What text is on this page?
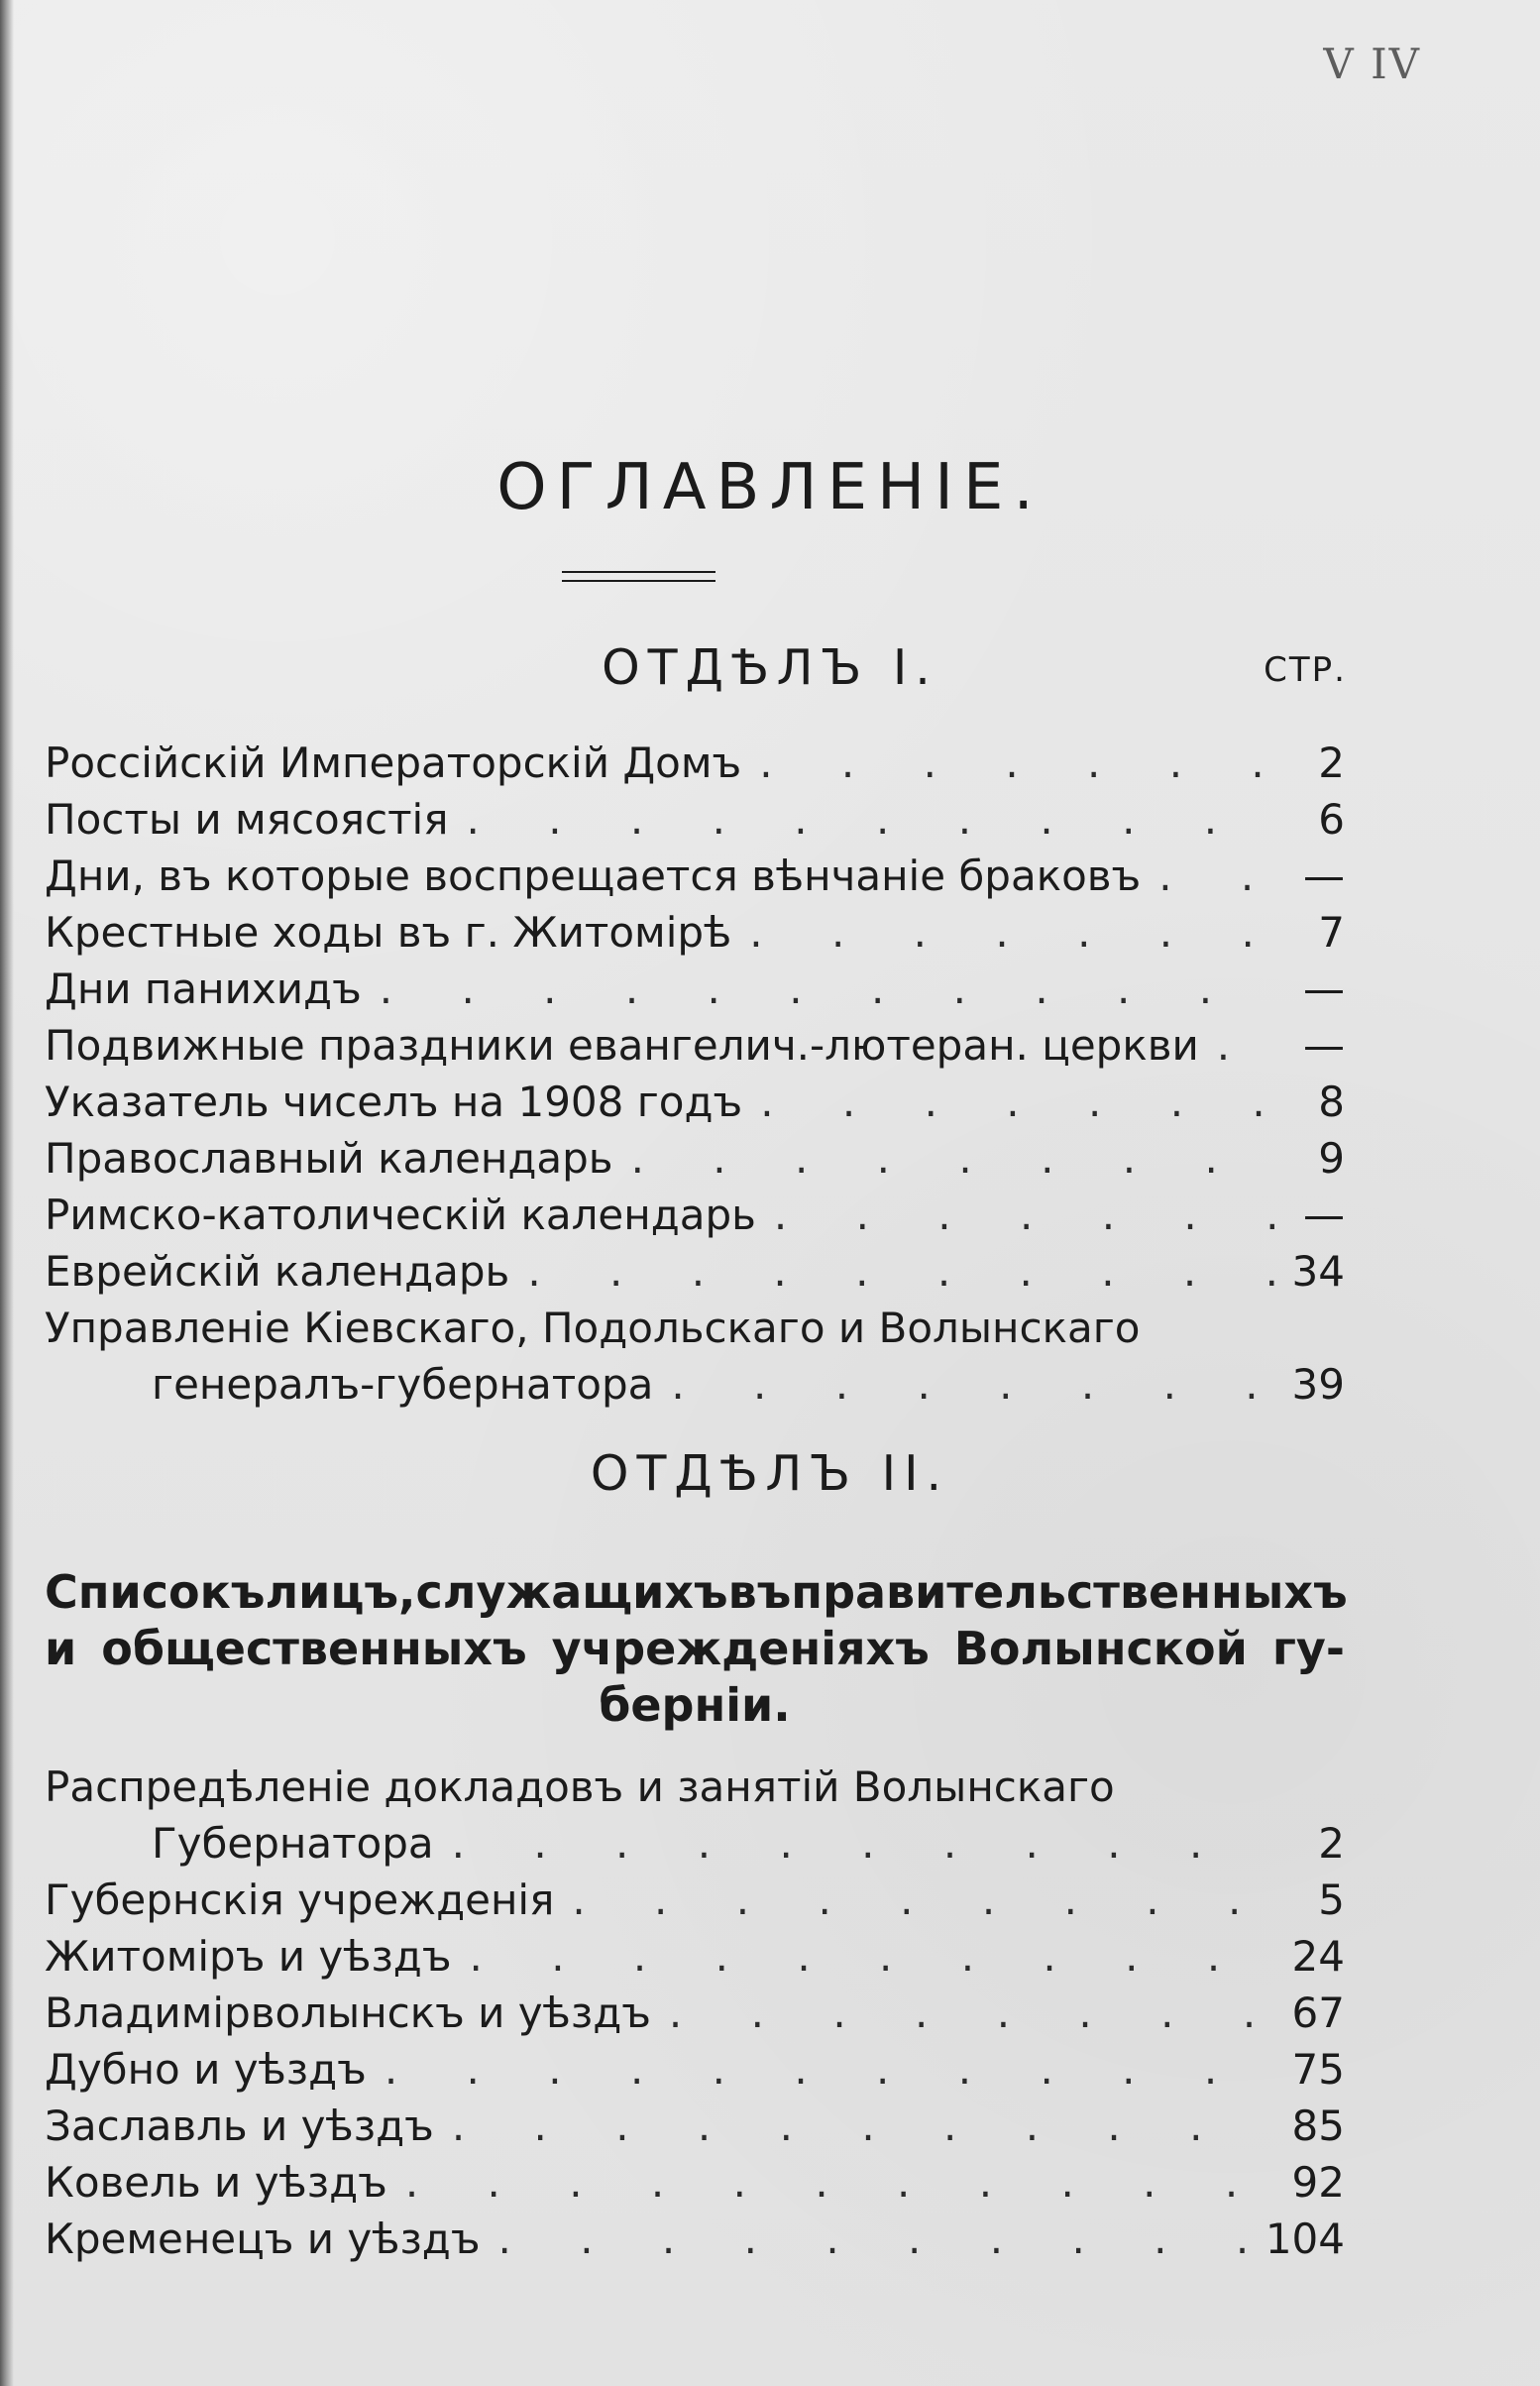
V IV
ОГЛАВЛЕНІЕ.
ОТДѢЛЪ I.	СТР.
Россійскій Императорскій Домъ . . .	2
Посты и мясоястія . . .	6
Дни, въ которые воспрещается вѣнчаніе браковъ . . .	—
Крестные ходы въ г. Житомірѣ . . .	7
Дни панихидъ . . .	—
Подвижные праздники евангелич.-лютеран. церкви . . .	—
Указатель чиселъ на 1908 годъ . . .	8
Православный календарь . . .	9
Римско-католическій календарь . . .	—
Еврейскій календарь . . .	34
Управленіе Кіевскаго, Подольскаго и Волынскаго
генералъ-губернатора . . .	39
ОТДѢЛЪ II.
Списокъ лицъ, служащихъ въ правительственныхъ
и общественныхъ учрежденіяхъ Волынской гу-
берніи.
Распредѣленіе докладовъ и занятій Волынскаго
Губернатора . . .	2
Губернскія учрежденія . . .	5
Житоміръ и уѣздъ . . .	24
Владимірволынскъ и уѣздъ . . .	67
Дубно и уѣздъ . . .	75
Заславль и уѣздъ . . .	85
Ковель и уѣздъ . . .	92
Кременецъ и уѣздъ . . .	104
